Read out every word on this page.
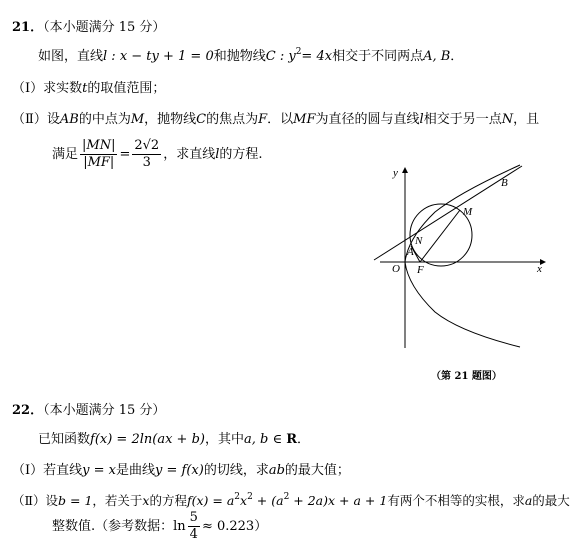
21．（本小题满分 15 分）
如图，直线l : x − ty + 1 = 0和抛物线C : $y^2= 4x$相交于不同两点A, B．
（Ⅰ）求实数t的取值范围；
（Ⅱ）设AB的中点为M，抛物线C的焦点为F．以MF为直径的圆与直线l相交于另一点N，且
满足 $\frac{|MN|}{|MF|} = \frac{2√2}{3}$ ，求直线l的方程.
y
x
O F
A
N
M
B
（第 21 题图）
22．（本小题满分 15 分）
已知函数f(x) = 2ln(ax + b)，其中a, b ∈ R．
（Ⅰ）若直线y = x是曲线y = f(x)的切线，求ab的最大值；
（Ⅱ）设b = 1，若关于x的方程$f(x) = a^2x^2 + (a^2 + 2a)x + a + 1$有两个不相等的实根，求a的最大
整数值.（参考数据：$\ln \frac{5}{4} \approx 0.223$）
